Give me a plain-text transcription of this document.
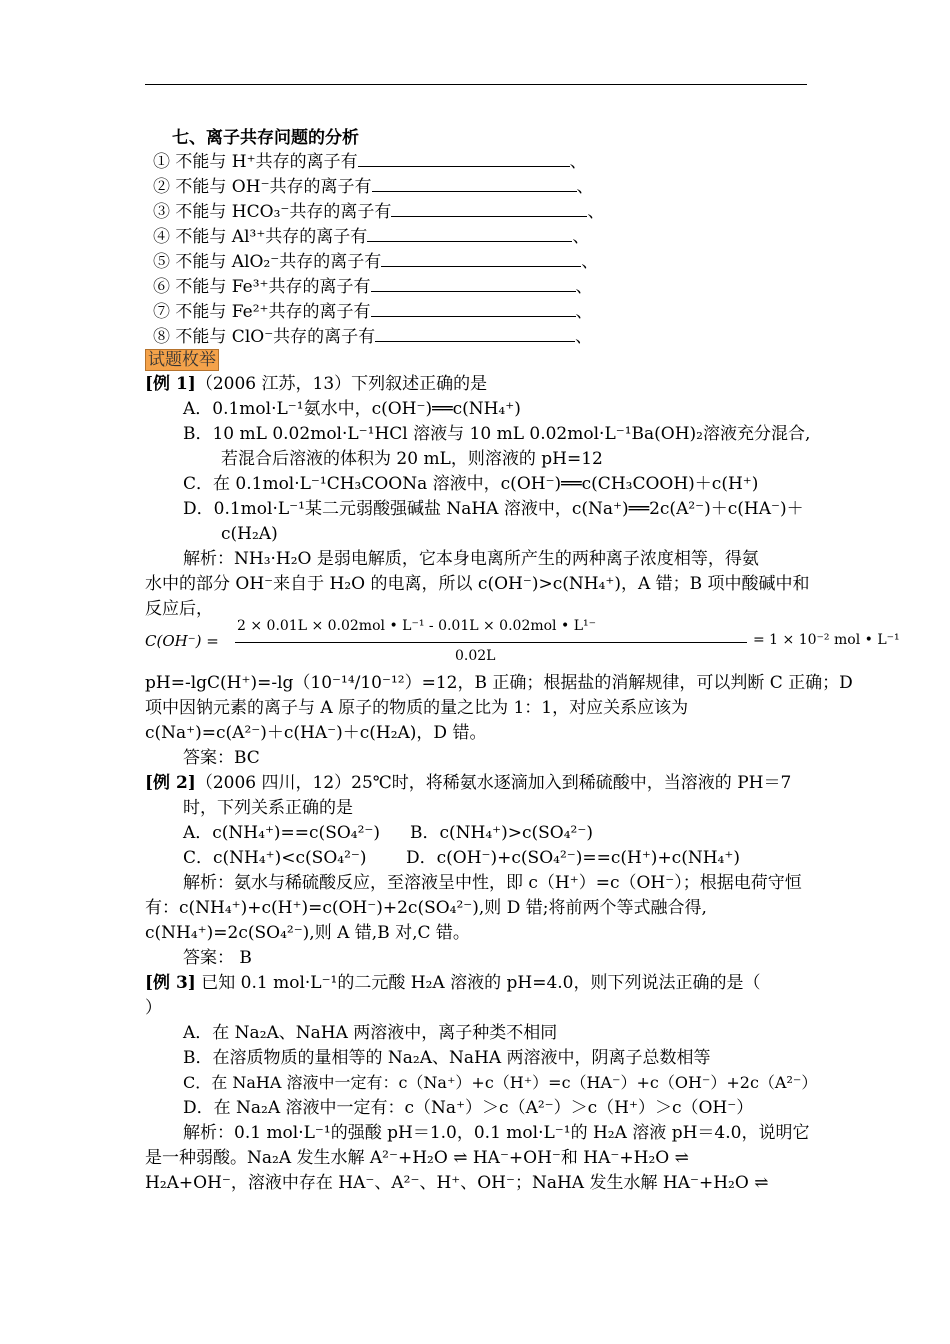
七、离子共存问题的分析
① 不能与 H⁺共存的离子有	、
② 不能与 OH⁻共存的离子有	、
③ 不能与 HCO₃⁻共存的离子有	、
④ 不能与 Al³⁺共存的离子有	、
⑤ 不能与 AlO₂⁻共存的离子有	、
⑥ 不能与 Fe³⁺共存的离子有	、
⑦ 不能与 Fe²⁺共存的离子有	、
⑧ 不能与 ClO⁻共存的离子有	、
试题枚举
[例 1]（2006 江苏，13）下列叙述正确的是
A．0.1mol·L⁻¹氨水中，c(OH⁻)══c(NH₄⁺)
B．10 mL 0.02mol·L⁻¹HCl 溶液与 10 mL 0.02mol·L⁻¹Ba(OH)₂溶液充分混合,
若混合后溶液的体积为 20 mL，则溶液的 pH=12
C．在 0.1mol·L⁻¹CH₃COONa 溶液中，c(OH⁻)══c(CH₃COOH)＋c(H⁺)
D．0.1mol·L⁻¹某二元弱酸强碱盐 NaHA 溶液中，c(Na⁺)══2c(A²⁻)＋c(HA⁻)＋
c(H₂A)
解析：NH₃·H₂O 是弱电解质，它本身电离所产生的两种离子浓度相等，得氨
水中的部分 OH⁻来自于 H₂O 的电离，所以 c(OH⁻)>c(NH₄⁺)，A 错；B 项中酸碱中和
反应后，
C(OH⁻) =
2 × 0.01L × 0.02mol • L⁻¹ - 0.01L × 0.02mol • L¹⁻
0.02L
= 1 × 10⁻² mol • L⁻¹
pH=-lgC(H⁺)=-lg（10⁻¹⁴/10⁻¹²）=12，B 正确；根据盐的消解规律，可以判断 C 正确；D
项中因钠元素的离子与 A 原子的物质的量之比为 1：1，对应关系应该为
c(Na⁺)=c(A²⁻)＋c(HA⁻)＋c(H₂A)，D 错。
答案：BC
[例 2]（2006 四川，12）25℃时，将稀氨水逐滴加入到稀硫酸中，当溶液的 PH＝7
时，下列关系正确的是
A．c(NH₄⁺)==c(SO₄²⁻) B．c(NH₄⁺)>c(SO₄²⁻)
C．c(NH₄⁺)<c(SO₄²⁻) D．c(OH⁻)+c(SO₄²⁻)==c(H⁺)+c(NH₄⁺)
解析：氨水与稀硫酸反应，至溶液呈中性，即 c（H⁺）=c（OH⁻）；根据电荷守恒
有：c(NH₄⁺)+c(H⁺)=c(OH⁻)+2c(SO₄²⁻),则 D 错;将前两个等式融合得,
c(NH₄⁺)=2c(SO₄²⁻),则 A 错,B 对,C 错。
答案： B
[例 3] 已知 0.1 mol·L⁻¹的二元酸 H₂A 溶液的 pH=4.0，则下列说法正确的是（
）
A．在 Na₂A、NaHA 两溶液中，离子种类不相同
B．在溶质物质的量相等的 Na₂A、NaHA 两溶液中，阴离子总数相等
C．在 NaHA 溶液中一定有：c（Na⁺）+c（H⁺）=c（HA⁻）+c（OH⁻）+2c（A²⁻）
D．在 Na₂A 溶液中一定有：c（Na⁺）＞c（A²⁻）＞c（H⁺）＞c（OH⁻）
解析：0.1 mol·L⁻¹的强酸 pH＝1.0，0.1 mol·L⁻¹的 H₂A 溶液 pH＝4.0，说明它
是一种弱酸。Na₂A 发生水解 A²⁻+H₂O ⇌ HA⁻+OH⁻和 HA⁻+H₂O ⇌
H₂A+OH⁻，溶液中存在 HA⁻、A²⁻、H⁺、OH⁻；NaHA 发生水解 HA⁻+H₂O ⇌
